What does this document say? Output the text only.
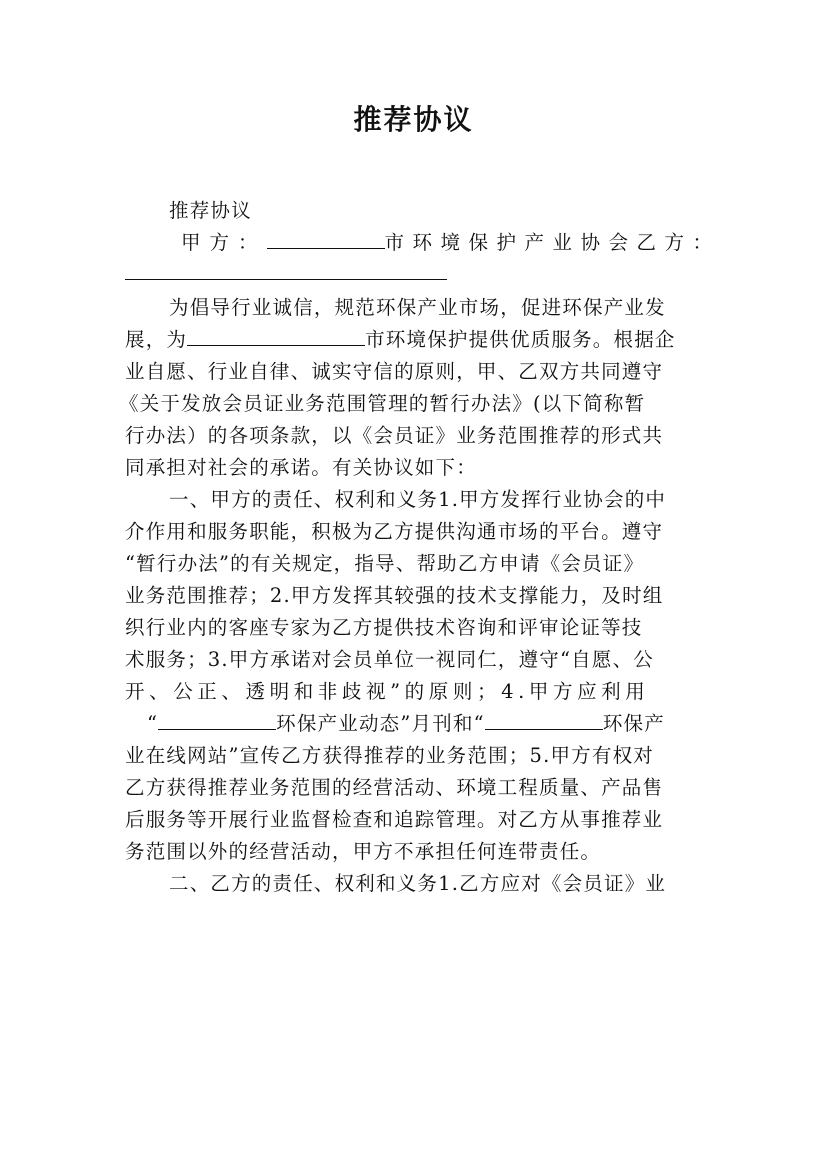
推荐协议
推荐协议
甲方：	市环境保护产业协会乙方：
为倡导行业诚信，规范环保产业市场，促进环保产业发
展，为	市环境保护提供优质服务。根据企
业自愿、行业自律、诚实守信的原则，甲、乙双方共同遵守
《关于发放会员证业务范围管理的暂行办法》(以下简称暂
行办法）的各项条款，以《会员证》业务范围推荐的形式共
同承担对社会的承诺。有关协议如下：
一、甲方的责任、权利和义务1.甲方发挥行业协会的中
介作用和服务职能，积极为乙方提供沟通市场的平台。遵守
“暂行办法”的有关规定，指导、帮助乙方申请《会员证》
业务范围推荐；2.甲方发挥其较强的技术支撑能力，及时组
织行业内的客座专家为乙方提供技术咨询和评审论证等技
术服务；3.甲方承诺对会员单位一视同仁，遵守“自愿、公
开、公正、透明和非歧视”的原则；4.甲方应利用
“	环保产业动态”月刊和“	环保产
业在线网站”宣传乙方获得推荐的业务范围；5.甲方有权对
乙方获得推荐业务范围的经营活动、环境工程质量、产品售
后服务等开展行业监督检查和追踪管理。对乙方从事推荐业
务范围以外的经营活动，甲方不承担任何连带责任。
二、乙方的责任、权利和义务1.乙方应对《会员证》业
